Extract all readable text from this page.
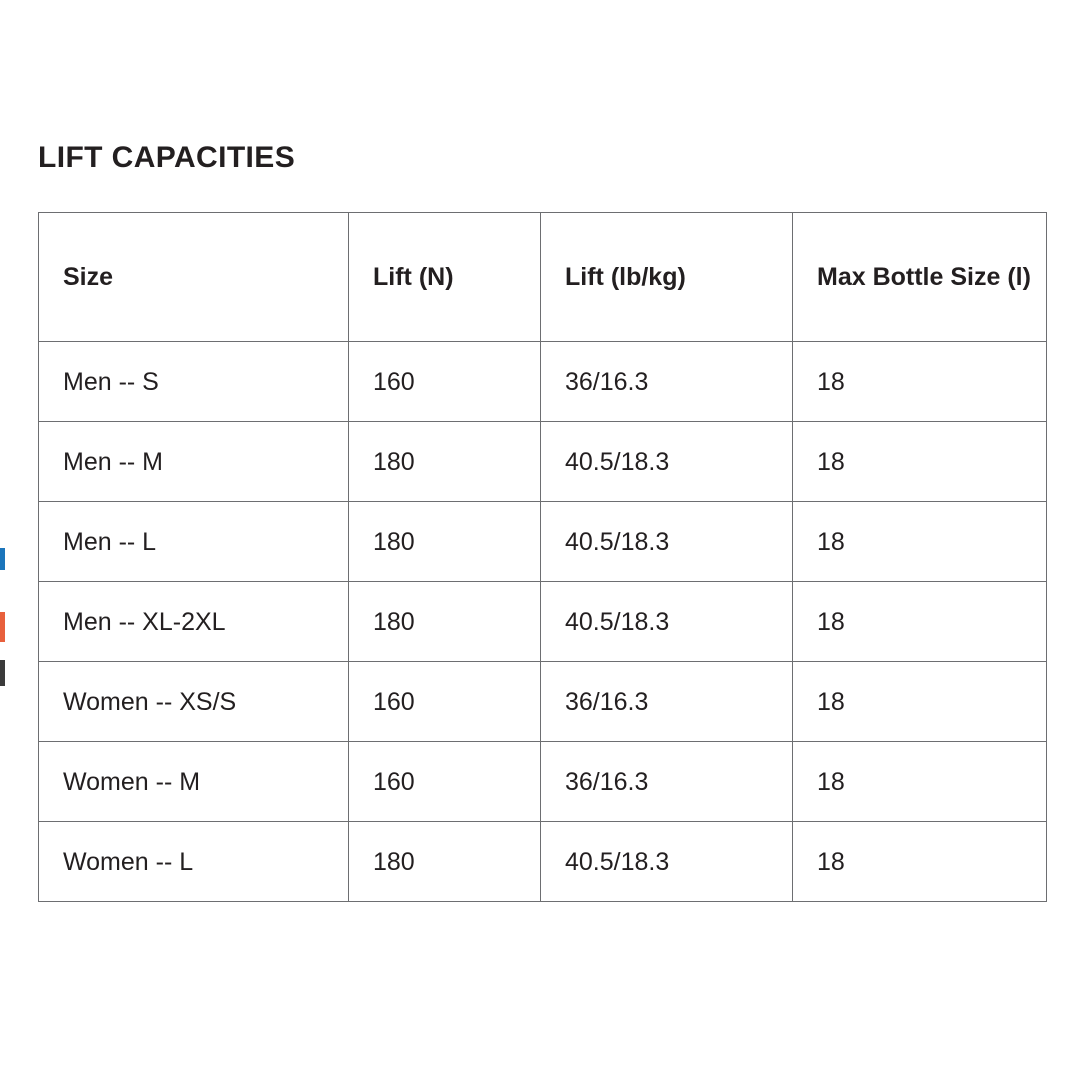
LIFT CAPACITIES
Size	Lift (N)	Lift (lb/kg)	Max Bottle Size (l)
Men -- S	160	36/16.3	18
Men -- M	180	40.5/18.3	18
Men -- L	180	40.5/18.3	18
Men -- XL-2XL	180	40.5/18.3	18
Women -- XS/S	160	36/16.3	18
Women -- M	160	36/16.3	18
Women -- L	180	40.5/18.3	18
